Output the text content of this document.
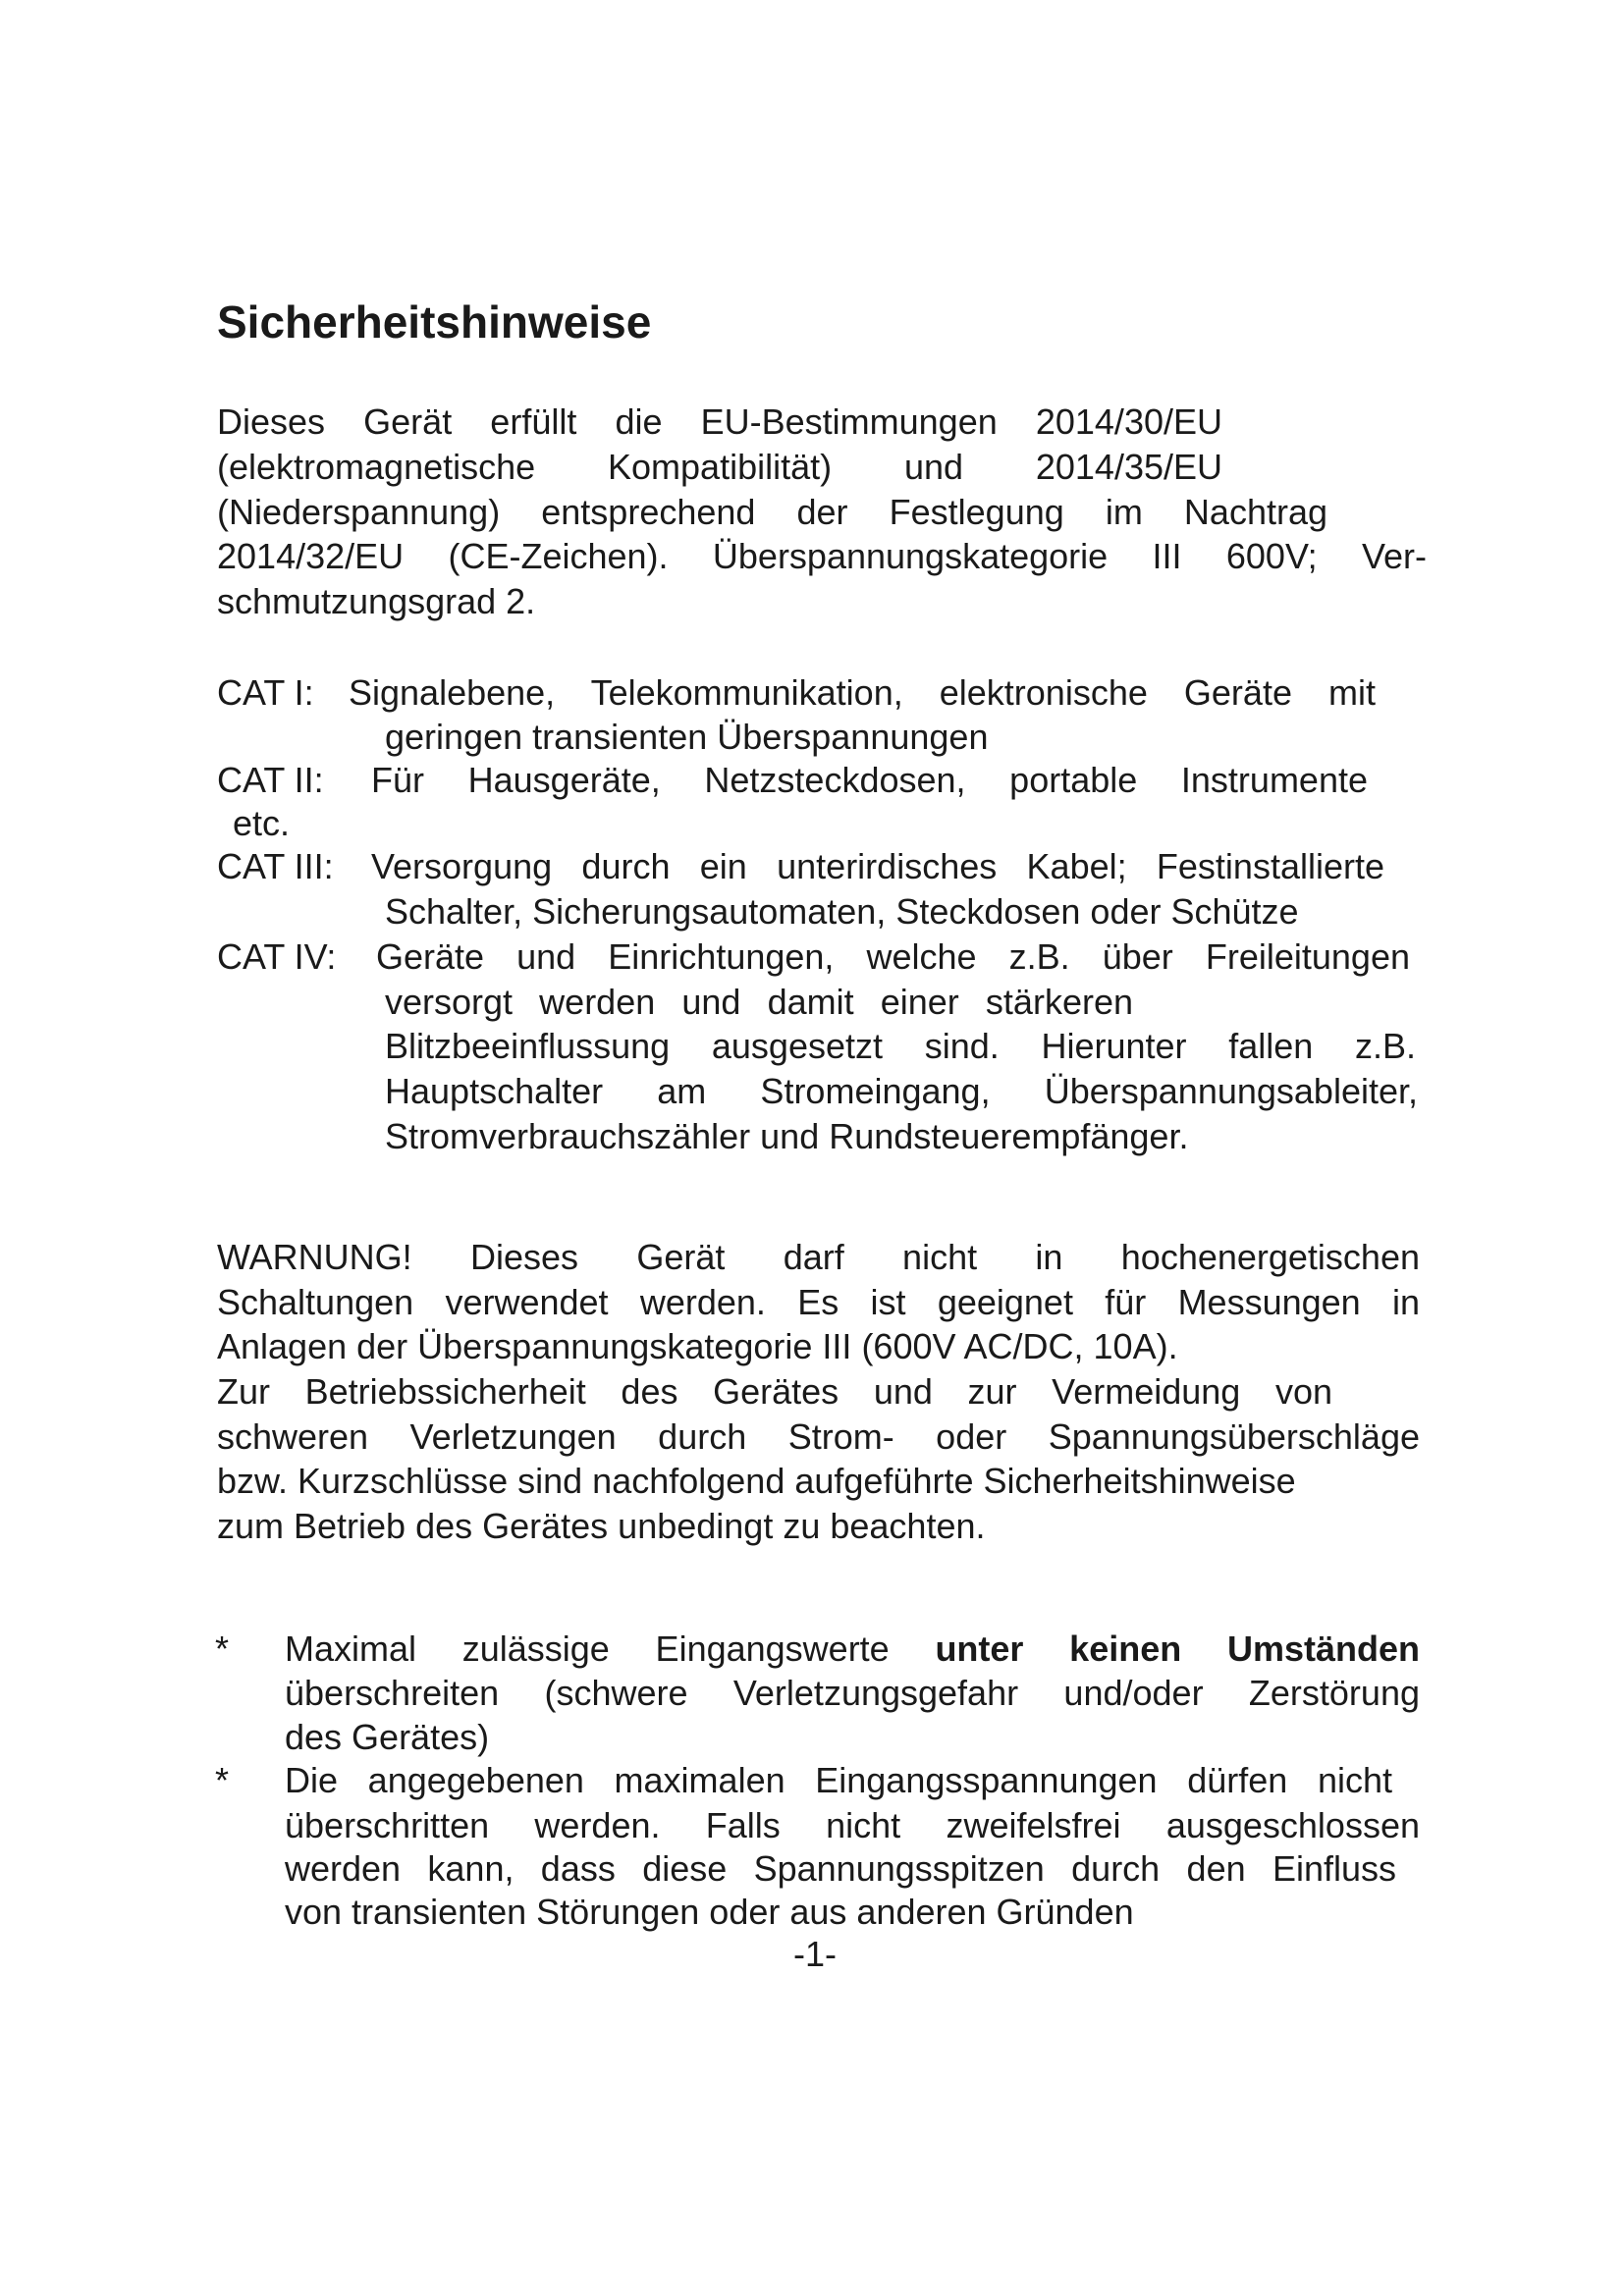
Sicherheitshinweise
Dieses Gerät erfüllt die EU-Bestimmungen 2014/30/EU
(elektromagnetische Kompatibilität) und 2014/35/EU
(Niederspannung) entsprechend der Festlegung im Nachtrag
2014/32/EU (CE-Zeichen). Überspannungskategorie III 600V; Ver-
schmutzungsgrad 2.
CAT I: Signalebene, Telekommunikation, elektronische Geräte mit
geringen transienten Überspannungen
CAT II: Für Hausgeräte, Netzsteckdosen, portable Instrumente
etc.
CAT III: Versorgung durch ein unterirdisches Kabel; Festinstallierte
Schalter, Sicherungsautomaten, Steckdosen oder Schütze
CAT IV: Geräte und Einrichtungen, welche z.B. über Freileitungen
versorgt werden und damit einer stärkeren
Blitzbeeinflussung ausgesetzt sind. Hierunter fallen z.B.
Hauptschalter am Stromeingang, Überspannungsableiter,
Stromverbrauchszähler und Rundsteuerempfänger.
WARNUNG! Dieses Gerät darf nicht in hochenergetischen
Schaltungen verwendet werden. Es ist geeignet für Messungen in
Anlagen der Überspannungskategorie III (600V AC/DC, 10A).
Zur Betriebssicherheit des Gerätes und zur Vermeidung von
schweren Verletzungen durch Strom- oder Spannungsüberschläge
bzw. Kurzschlüsse sind nachfolgend aufgeführte Sicherheitshinweise
zum Betrieb des Gerätes unbedingt zu beachten.
* Maximal zulässige Eingangswerte unter keinen Umständen
überschreiten (schwere Verletzungsgefahr und/oder Zerstörung
des Gerätes)
* Die angegebenen maximalen Eingangsspannungen dürfen nicht
überschritten werden. Falls nicht zweifelsfrei ausgeschlossen
werden kann, dass diese Spannungsspitzen durch den Einfluss
von transienten Störungen oder aus anderen Gründen
-1-
